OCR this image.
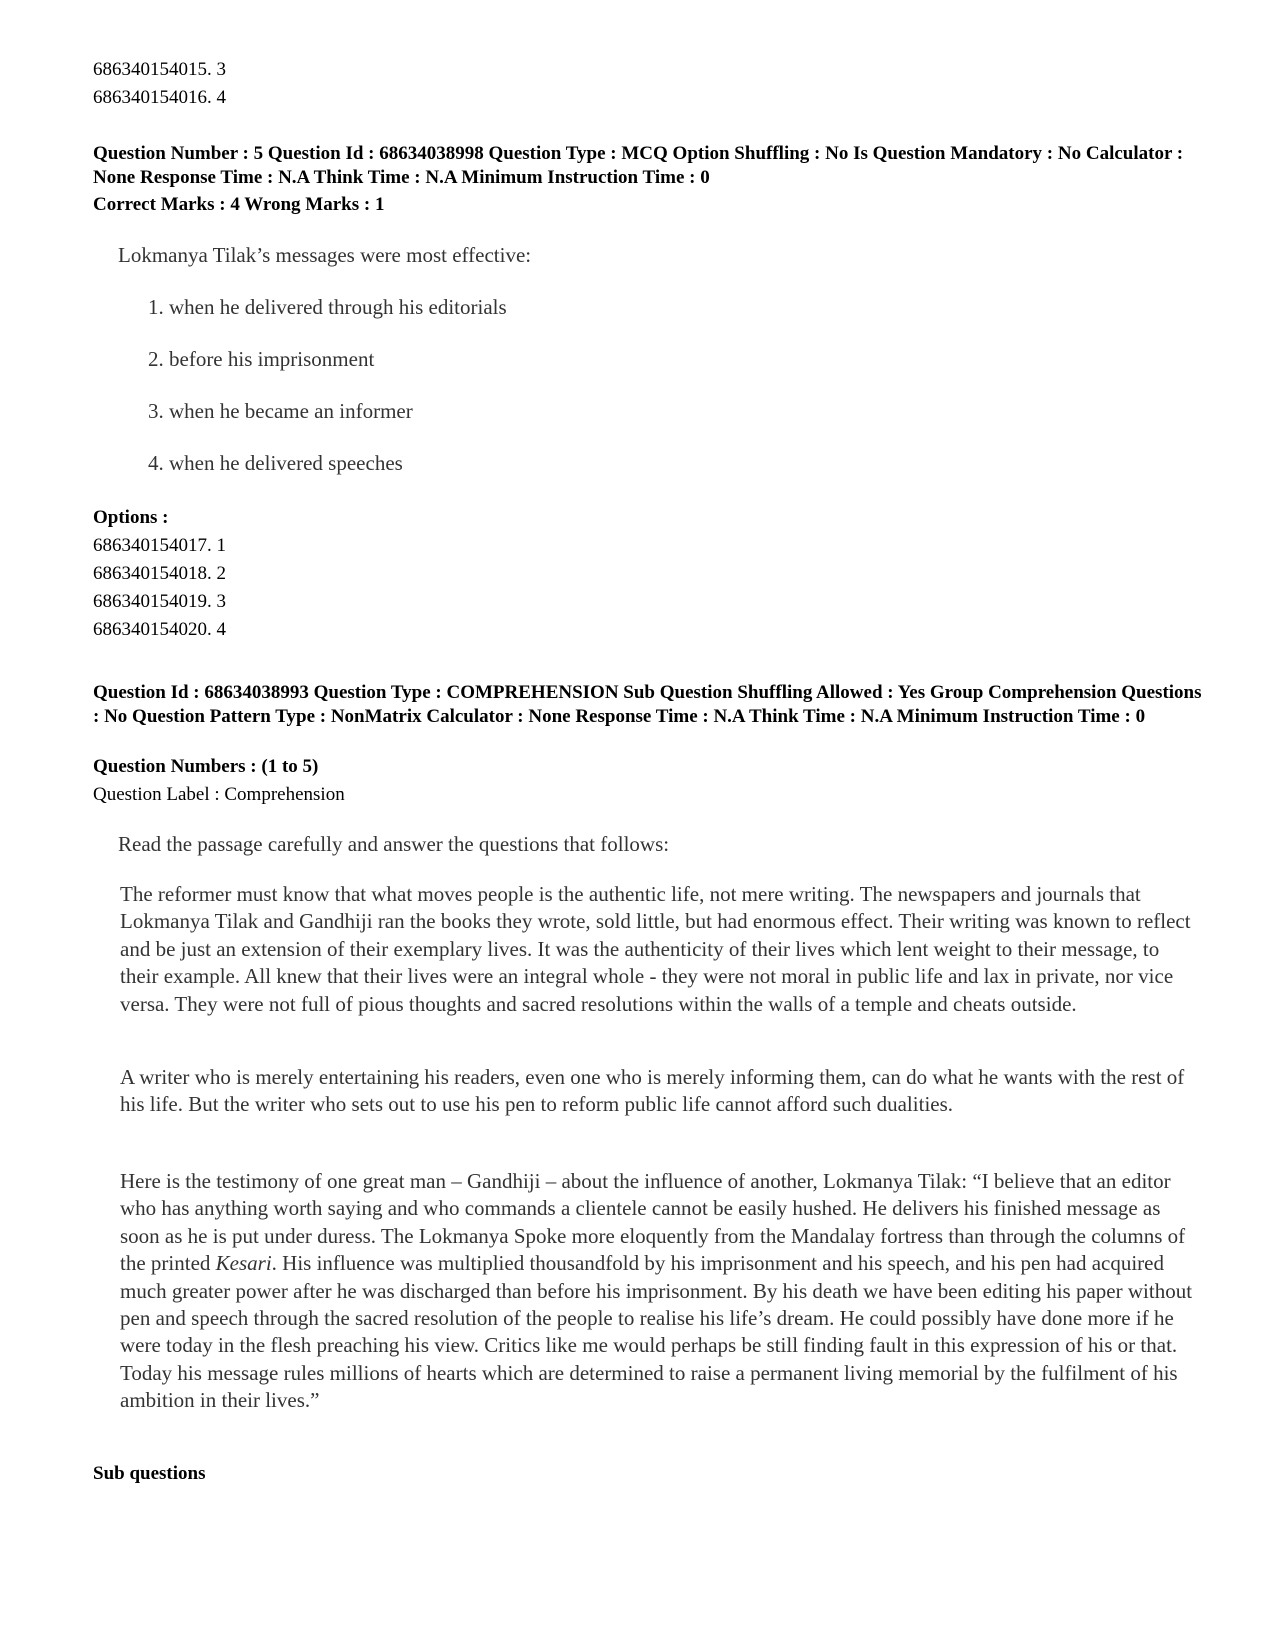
686340154015. 3
686340154016. 4
Question Number : 5 Question Id : 68634038998 Question Type : MCQ Option Shuffling : No Is Question Mandatory : No Calculator : None Response Time : N.A Think Time : N.A Minimum Instruction Time : 0
Correct Marks : 4 Wrong Marks : 1
Lokmanya Tilak’s messages were most effective:
1. when he delivered through his editorials
2. before his imprisonment
3. when he became an informer
4. when he delivered speeches
Options :
686340154017. 1
686340154018. 2
686340154019. 3
686340154020. 4
Question Id : 68634038993 Question Type : COMPREHENSION Sub Question Shuffling Allowed : Yes Group Comprehension Questions : No Question Pattern Type : NonMatrix Calculator : None Response Time : N.A Think Time : N.A Minimum Instruction Time : 0
Question Numbers : (1 to 5)
Question Label : Comprehension
Read the passage carefully and answer the questions that follows:
The reformer must know that what moves people is the authentic life, not mere writing. The newspapers and journals that Lokmanya Tilak and Gandhiji ran the books they wrote, sold little, but had enormous effect. Their writing was known to reflect and be just an extension of their exemplary lives. It was the authenticity of their lives which lent weight to their message, to their example. All knew that their lives were an integral whole - they were not moral in public life and lax in private, nor vice versa. They were not full of pious thoughts and sacred resolutions within the walls of a temple and cheats outside.
A writer who is merely entertaining his readers, even one who is merely informing them, can do what he wants with the rest of his life. But the writer who sets out to use his pen to reform public life cannot afford such dualities.
Here is the testimony of one great man – Gandhiji – about the influence of another, Lokmanya Tilak: “I believe that an editor who has anything worth saying and who commands a clientele cannot be easily hushed. He delivers his finished message as soon as he is put under duress. The Lokmanya Spoke more eloquently from the Mandalay fortress than through the columns of the printed Kesari. His influence was multiplied thousandfold by his imprisonment and his speech, and his pen had acquired much greater power after he was discharged than before his imprisonment. By his death we have been editing his paper without pen and speech through the sacred resolution of the people to realise his life’s dream. He could possibly have done more if he were today in the flesh preaching his view. Critics like me would perhaps be still finding fault in this expression of his or that. Today his message rules millions of hearts which are determined to raise a permanent living memorial by the fulfilment of his ambition in their lives.”
Sub questions
